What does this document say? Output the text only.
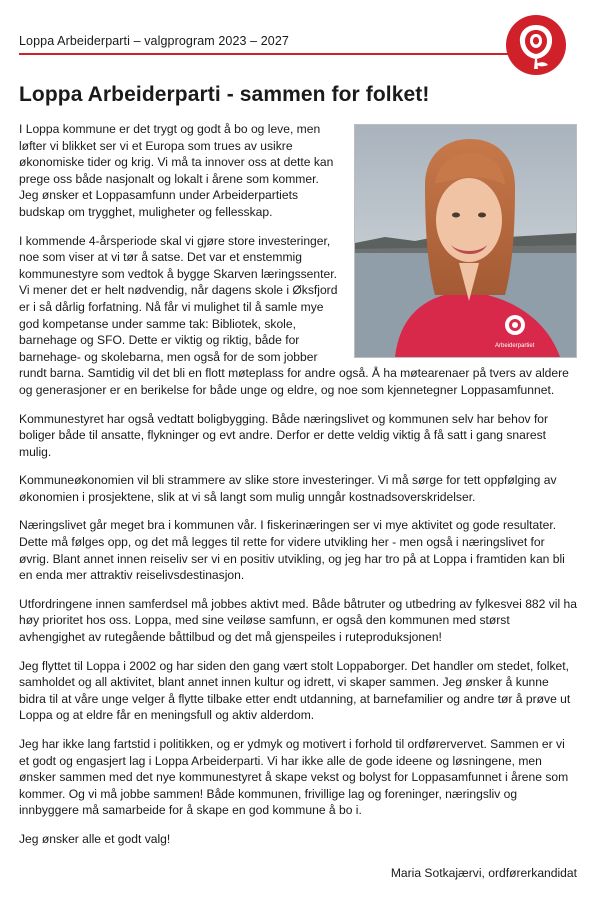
Loppa Arbeiderparti – valgprogram 2023 – 2027
Loppa Arbeiderparti - sammen for folket!
Arbeiderpartiet

I Loppa kommune er det trygt og godt å bo og leve, men løfter vi blikket ser vi et Europa som trues av usikre økonomiske tider og krig. Vi må ta innover oss at dette kan prege oss både nasjonalt og lokalt i årene som kommer. Jeg ønsker et Loppasamfunn under Arbeiderpartiets budskap om trygghet, muligheter og fellesskap.

I kommende 4-årsperiode skal vi gjøre store investeringer, noe som viser at vi tør å satse. Det var et enstemmig kommunestyre som vedtok å bygge Skarven læringssenter. Vi mener det er helt nødvendig, når dagens skole i Øksfjord er i så dårlig forfatning. Nå får vi mulighet til å samle mye god kompetanse under samme tak: Bibliotek, skole, barnehage og SFO. Dette er viktig og riktig, både for barnehage- og skolebarna, men også for de som jobber rundt barna. Samtidig vil det bli en flott møteplass for andre også. Å ha møtearenaer på tvers av aldere og generasjoner er en berikelse for både unge og eldre, og noe som kjennetegner Loppasamfunnet.

Kommunestyret har også vedtatt boligbygging. Både næringslivet og kommunen selv har behov for boliger både til ansatte, flykninger og evt andre. Derfor er dette veldig viktig å få satt i gang snarest mulig.

Kommuneøkonomien vil bli strammere av slike store investeringer. Vi må sørge for tett oppfølging av økonomien i prosjektene, slik at vi så langt som mulig unngår kostnadsoverskridelser.

Næringslivet går meget bra i kommunen vår. I fiskerinæringen ser vi mye aktivitet og gode resultater. Dette må følges opp, og det må legges til rette for videre utvikling her - men også i næringslivet for øvrig. Blant annet innen reiseliv ser vi en positiv utvikling, og jeg har tro på at Loppa i framtiden kan bli en enda mer attraktiv reiselivsdestinasjon.

Utfordringene innen samferdsel må jobbes aktivt med. Både båtruter og utbedring av fylkesvei 882 vil ha høy prioritet hos oss. Loppa, med sine veiløse samfunn, er også den kommunen med størst avhengighet av rutegående båttilbud og det må gjenspeiles i ruteproduksjonen!

Jeg flyttet til Loppa i 2002 og har siden den gang vært stolt Loppaborger. Det handler om stedet, folket, samholdet og all aktivitet, blant annet innen kultur og idrett, vi skaper sammen. Jeg ønsker å kunne bidra til at våre unge velger å flytte tilbake etter endt utdanning, at barnefamilier og andre tør å prøve ut Loppa og at eldre får en meningsfull og aktiv alderdom.

Jeg har ikke lang fartstid i politikken, og er ydmyk og motivert i forhold til ordførervervet. Sammen er vi et godt og engasjert lag i Loppa Arbeiderparti. Vi har ikke alle de gode ideene og løsningene, men ønsker sammen med det nye kommunestyret å skape vekst og bolyst for Loppasamfunnet i årene som kommer. Og vi må jobbe sammen! Både kommunen, frivillige lag og foreninger, næringsliv og innbyggere må samarbeide for å skape en god kommune å bo i.

Jeg ønsker alle et godt valg!

Maria Sotkajærvi, ordførerkandidat
